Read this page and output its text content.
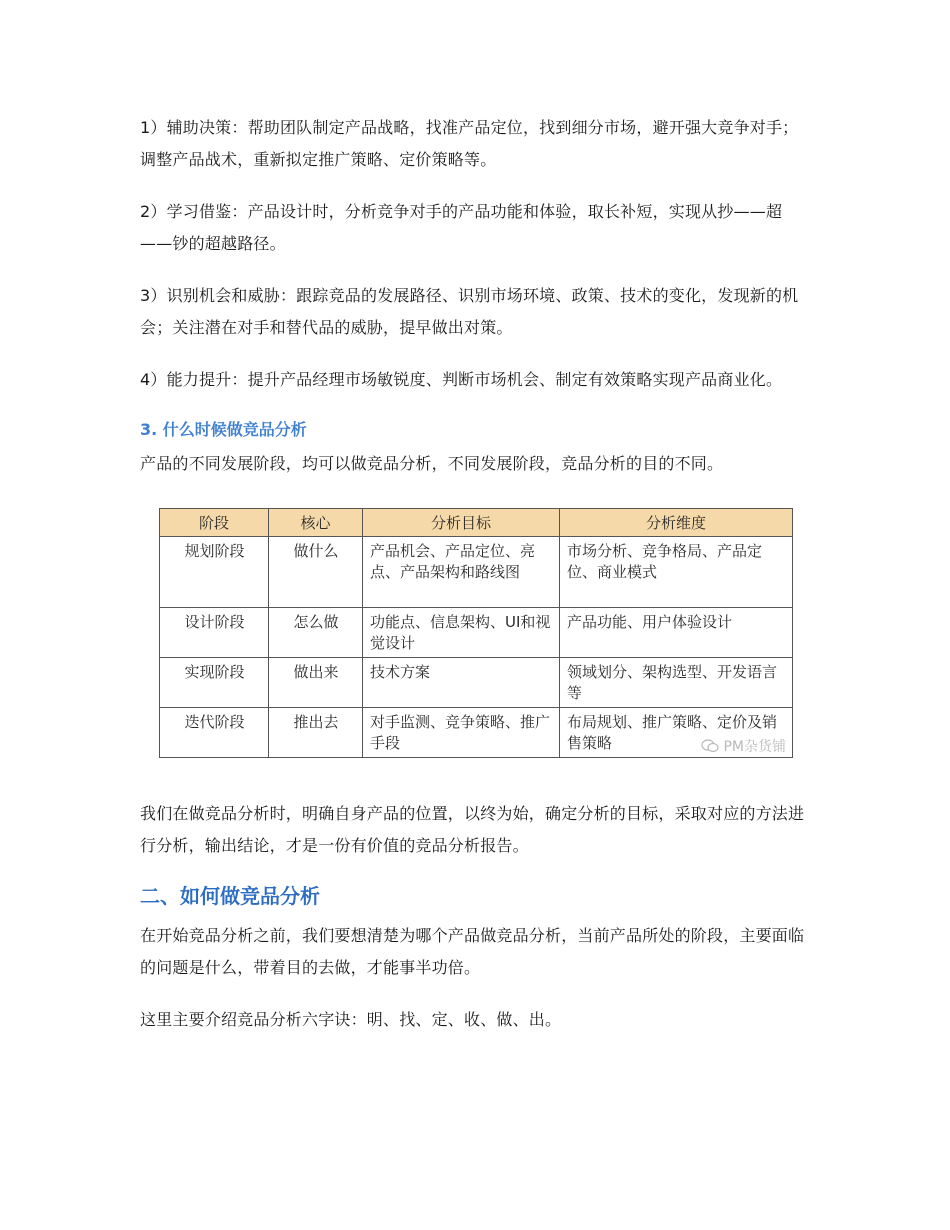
1）辅助决策：帮助团队制定产品战略，找准产品定位，找到细分市场，避开强大竞争对手；调整产品战术，重新拟定推广策略、定价策略等。

2）学习借鉴：产品设计时，分析竞争对手的产品功能和体验，取长补短，实现从抄——超——钞的超越路径。

3）识别机会和威胁：跟踪竞品的发展路径、识别市场环境、政策、技术的变化，发现新的机会；关注潜在对手和替代品的威胁，提早做出对策。

4）能力提升：提升产品经理市场敏锐度、判断市场机会、制定有效策略实现产品商业化。

3. 什么时候做竞品分析

产品的不同发展阶段，均可以做竞品分析，不同发展阶段，竞品分析的目的不同。

阶段	核心	分析目标	分析维度
规划阶段	做什么	产品机会、产品定位、亮点、产品架构和路线图	市场分析、竞争格局、产品定位、商业模式
设计阶段	怎么做	功能点、信息架构、UI和视觉设计	产品功能、用户体验设计
实现阶段	做出来	技术方案	领域划分、架构选型、开发语言等
迭代阶段	推出去	对手监测、竞争策略、推广手段	布局规划、推广策略、定价及销售策略	PM杂货铺

我们在做竞品分析时，明确自身产品的位置，以终为始，确定分析的目标，采取对应的方法进行分析，输出结论，才是一份有价值的竞品分析报告。

二、如何做竞品分析

在开始竞品分析之前，我们要想清楚为哪个产品做竞品分析，当前产品所处的阶段，主要面临的问题是什么，带着目的去做，才能事半功倍。

这里主要介绍竞品分析六字诀：明、找、定、收、做、出。
